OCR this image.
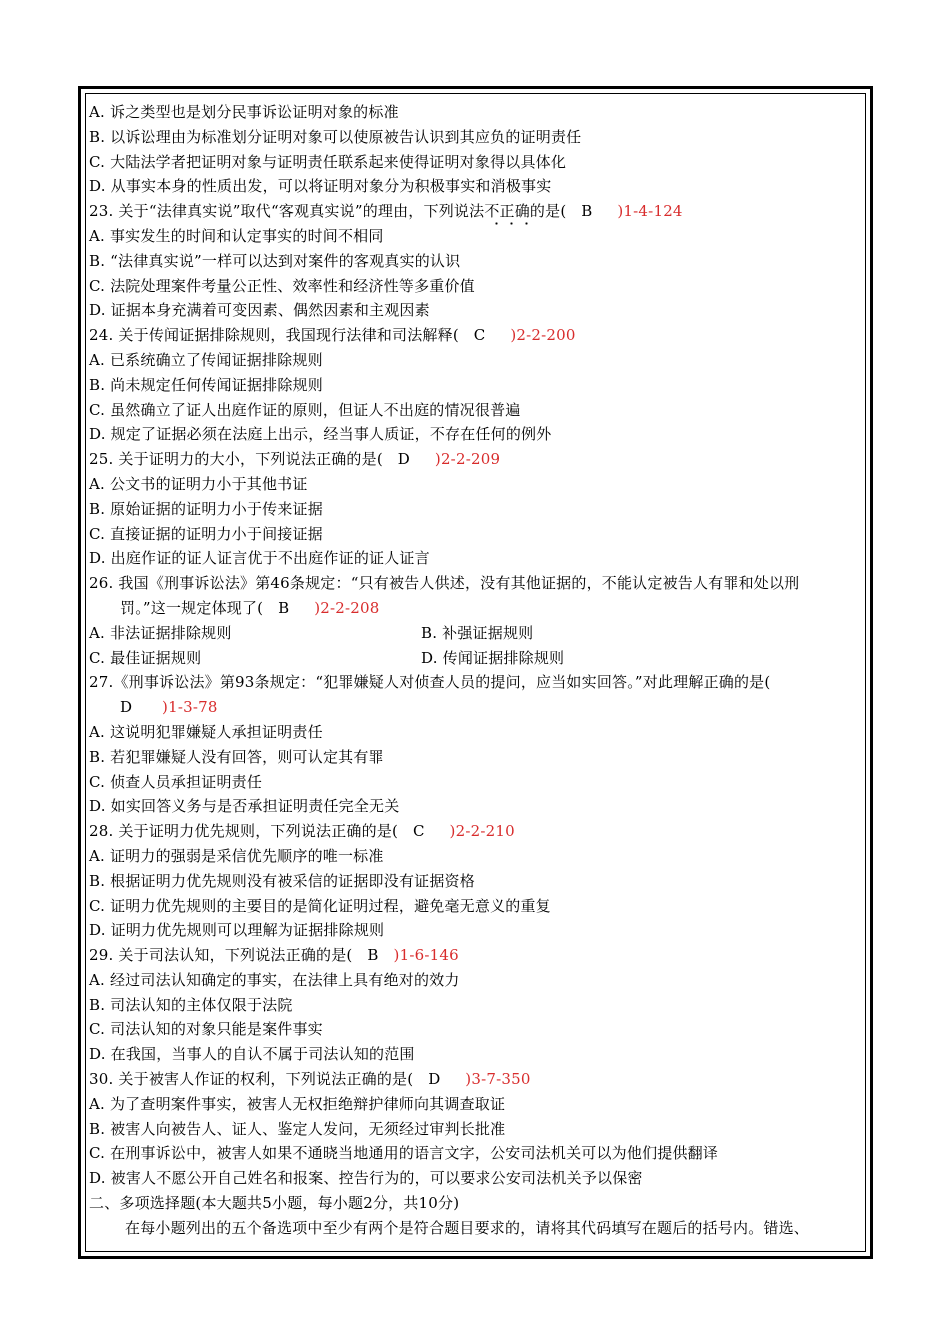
A. 诉之类型也是划分民事诉讼证明对象的标准
B. 以诉讼理由为标准划分证明对象可以使原被告认识到其应负的证明责任
C. 大陆法学者把证明对象与证明责任联系起来使得证明对象得以具体化
D. 从事实本身的性质出发，可以将证明对象分为积极事实和消极事实
23. 关于“法律真实说”取代“客观真实说”的理由，下列说法不正确的是( B )1-4-124
A. 事实发生的时间和认定事实的时间不相同
B. “法律真实说”一样可以达到对案件的客观真实的认识
C. 法院处理案件考量公正性、效率性和经济性等多重价值
D. 证据本身充满着可变因素、偶然因素和主观因素
24. 关于传闻证据排除规则，我国现行法律和司法解释( C )2-2-200
A. 已系统确立了传闻证据排除规则
B. 尚未规定任何传闻证据排除规则
C. 虽然确立了证人出庭作证的原则，但证人不出庭的情况很普遍
D. 规定了证据必须在法庭上出示，经当事人质证，不存在任何的例外
25. 关于证明力的大小，下列说法正确的是( D )2-2-209
A. 公文书的证明力小于其他书证
B. 原始证据的证明力小于传来证据
C. 直接证据的证明力小于间接证据
D. 出庭作证的证人证言优于不出庭作证的证人证言
26. 我国《刑事诉讼法》第46条规定：“只有被告人供述，没有其他证据的，不能认定被告人有罪和处以刑
罚。”这一规定体现了( B )2-2-208
A. 非法证据排除规则	B. 补强证据规则
C. 最佳证据规则	D. 传闻证据排除规则
27.《刑事诉讼法》第93条规定：“犯罪嫌疑人对侦查人员的提问，应当如实回答。”对此理解正确的是(
D )1-3-78
A. 这说明犯罪嫌疑人承担证明责任
B. 若犯罪嫌疑人没有回答，则可认定其有罪
C. 侦查人员承担证明责任
D. 如实回答义务与是否承担证明责任完全无关
28. 关于证明力优先规则，下列说法正确的是( C )2-2-210
A. 证明力的强弱是采信优先顺序的唯一标准
B. 根据证明力优先规则没有被采信的证据即没有证据资格
C. 证明力优先规则的主要目的是简化证明过程，避免毫无意义的重复
D. 证明力优先规则可以理解为证据排除规则
29. 关于司法认知，下列说法正确的是( B )1-6-146
A. 经过司法认知确定的事实，在法律上具有绝对的效力
B. 司法认知的主体仅限于法院
C. 司法认知的对象只能是案件事实
D. 在我国，当事人的自认不属于司法认知的范围
30. 关于被害人作证的权利，下列说法正确的是( D )3-7-350
A. 为了查明案件事实，被害人无权拒绝辩护律师向其调查取证
B. 被害人向被告人、证人、鉴定人发问，无须经过审判长批准
C. 在刑事诉讼中，被害人如果不通晓当地通用的语言文字，公安司法机关可以为他们提供翻译
D. 被害人不愿公开自己姓名和报案、控告行为的，可以要求公安司法机关予以保密
二、多项选择题(本大题共5小题，每小题2分，共10分)
在每小题列出的五个备选项中至少有两个是符合题目要求的，请将其代码填写在题后的括号内。错选、
